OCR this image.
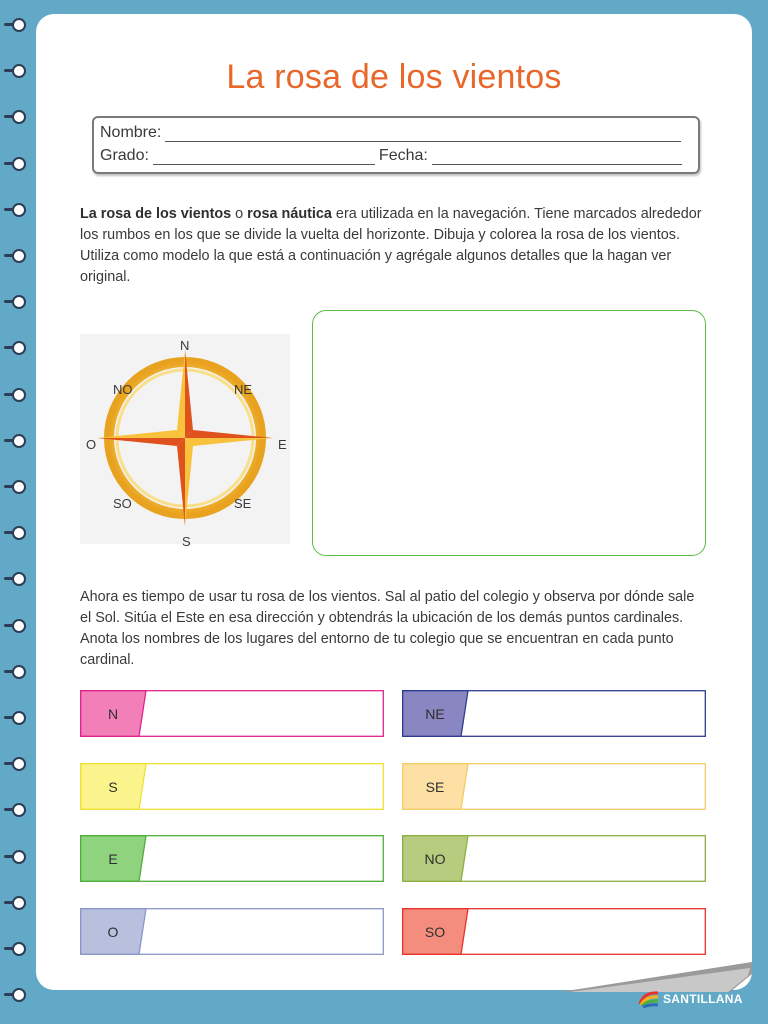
La rosa de los vientos
Nombre:
Grado:	Fecha:
La rosa de los vientos o rosa náutica era utilizada en la navegación. Tiene marcados alrededor los rumbos en los que se divide la vuelta del horizonte. Dibuja y colorea la rosa de los vientos. Utiliza como modelo la que está a continuación y agrégale algunos detalles que la hagan ver original.
N
NE
E
SE
S
SO
O
NO
Ahora es tiempo de usar tu rosa de los vientos. Sal al patio del colegio y observa por dónde sale el Sol. Sitúa el Este en esa dirección y obtendrás la ubicación de los demás puntos cardinales. Anota los nombres de los lugares del entorno de tu colegio que se encuentran en cada punto cardinal.
N	NE
S	SE
E	NO
O	SO
SANTILLANA
